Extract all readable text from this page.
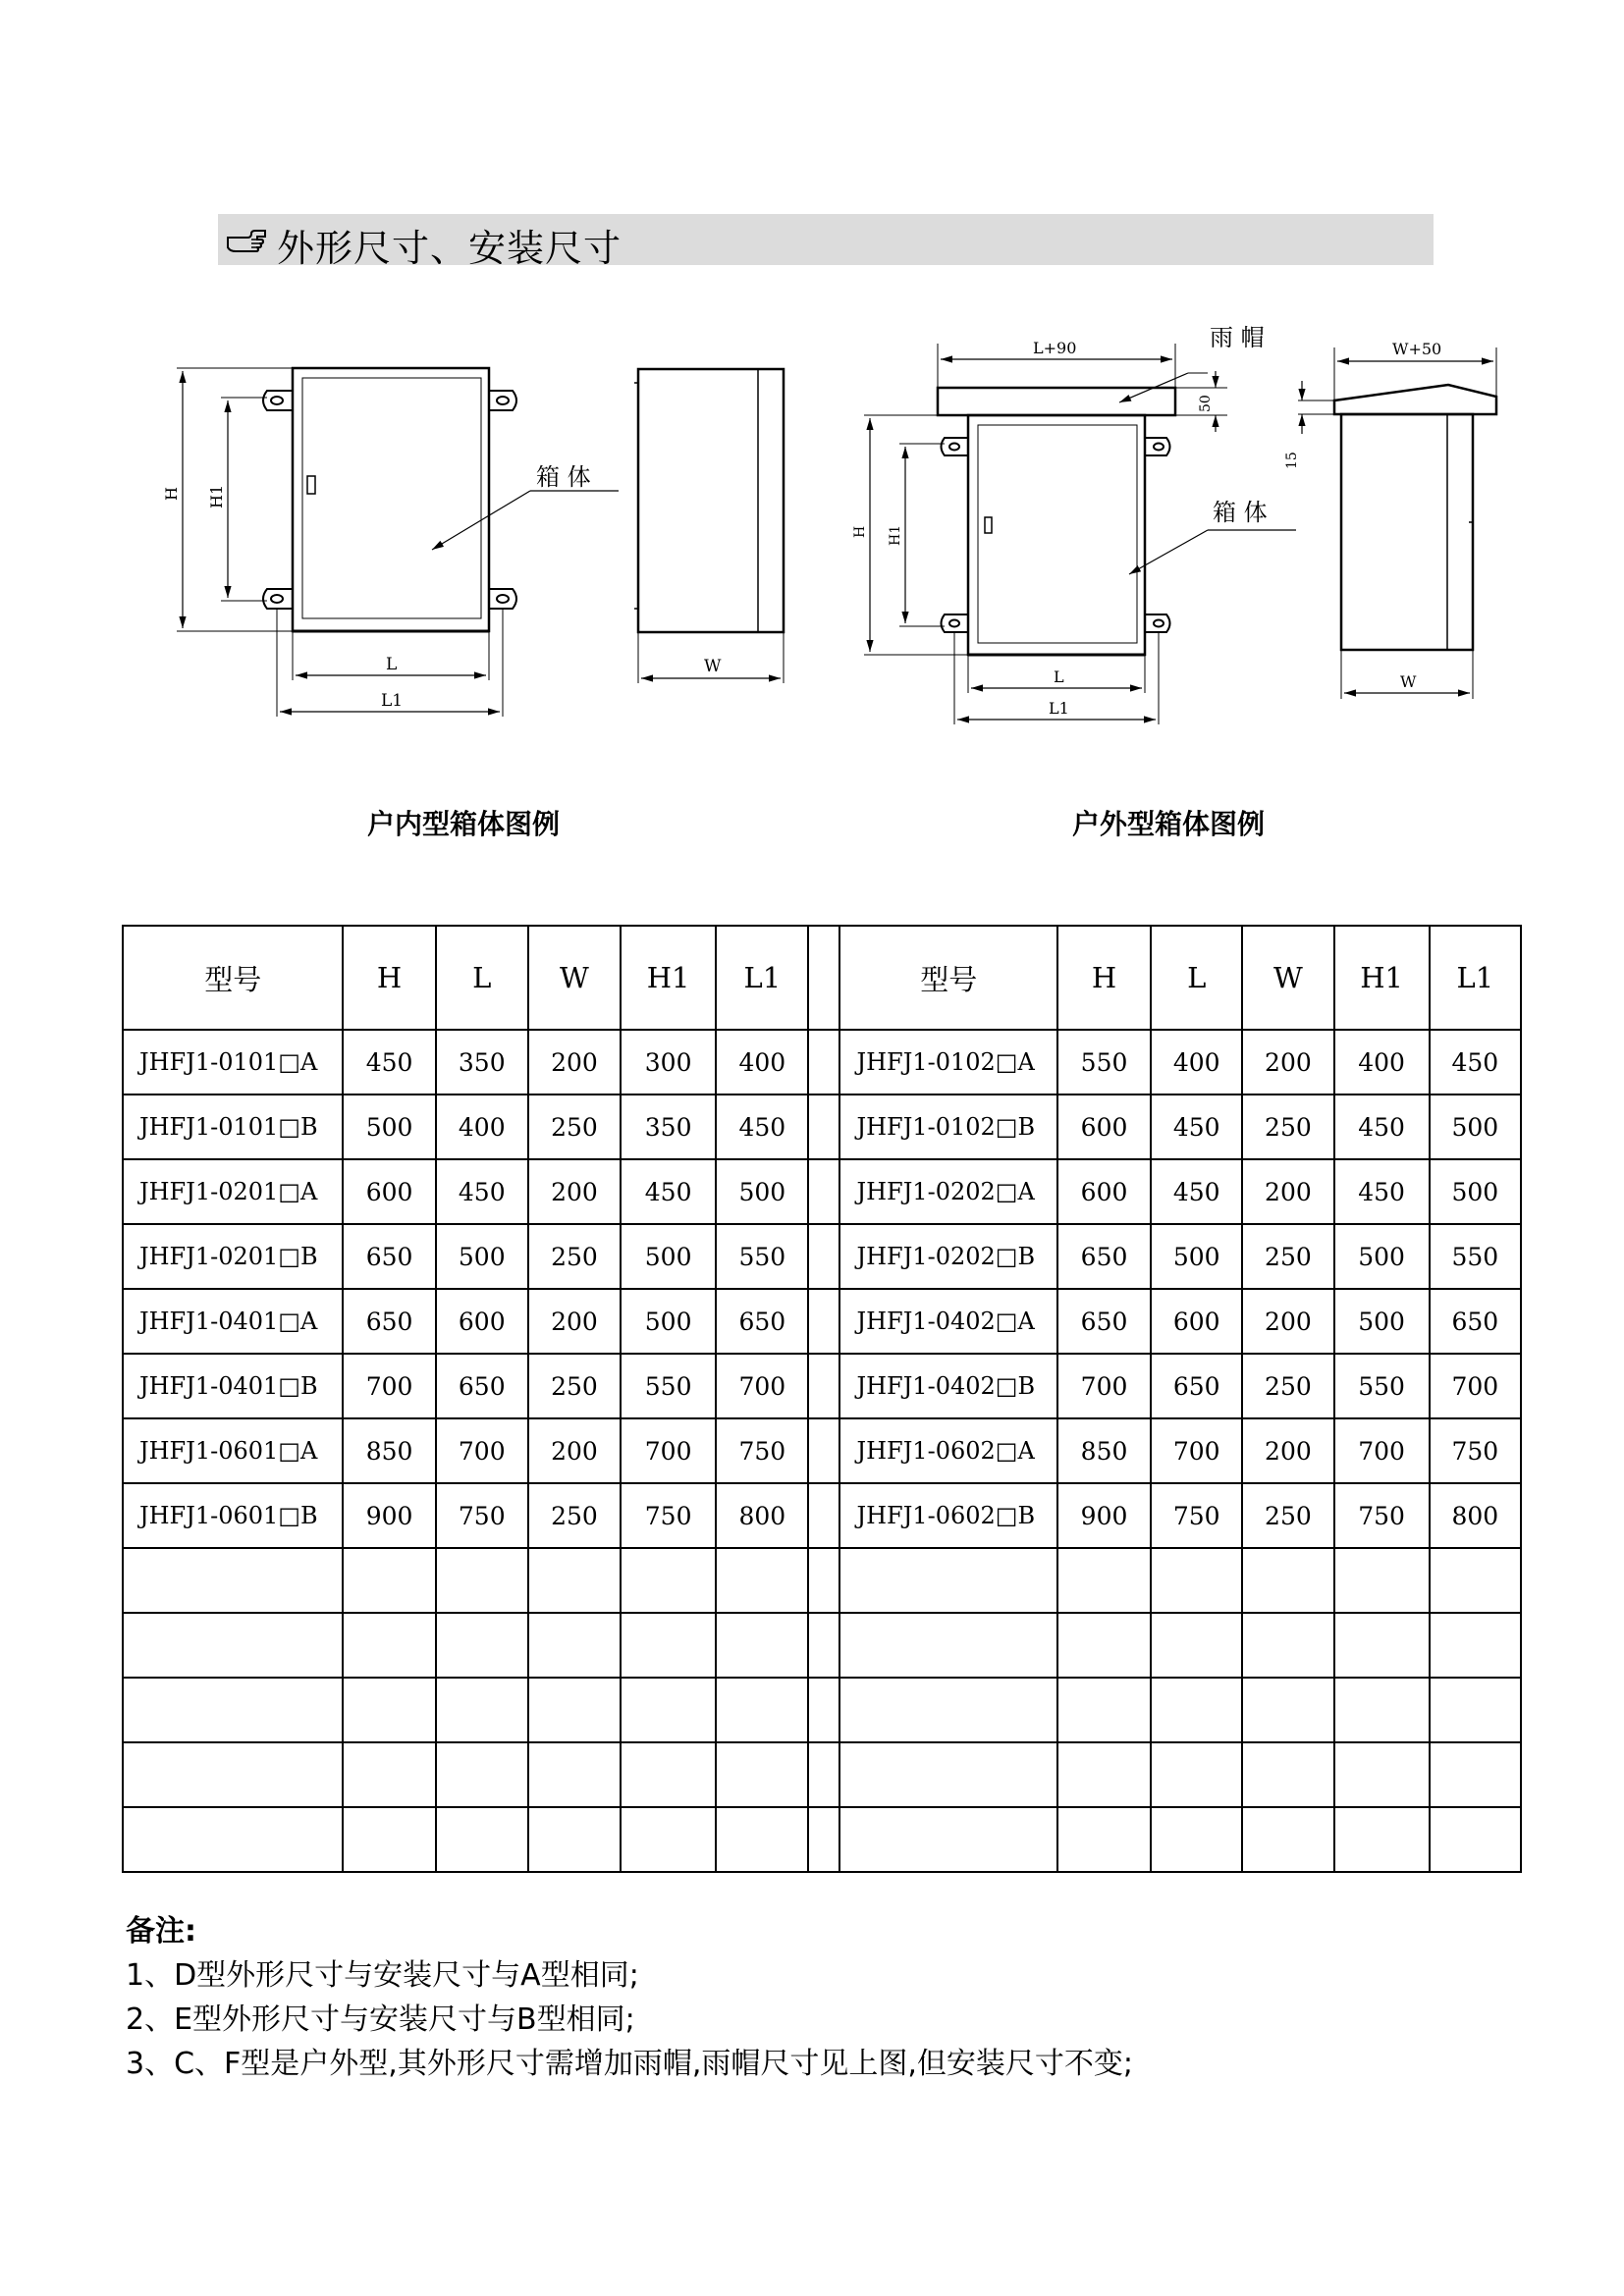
外形尺寸、安装尺寸
H H1
L
L1
箱 体
W
L+90
50
雨 帽
箱 体
H H1
L
L1
W+50
15
W
户内型箱体图例	户外型箱体图例
型号	H	L	W	H1	L1		型号	H	L	W	H1	L1
JHFJ1-0101□A	450	350	200	300	400		JHFJ1-0102□A	550	400	200	400	450
JHFJ1-0101□B	500	400	250	350	450		JHFJ1-0102□B	600	450	250	450	500
JHFJ1-0201□A	600	450	200	450	500		JHFJ1-0202□A	600	450	200	450	500
JHFJ1-0201□B	650	500	250	500	550		JHFJ1-0202□B	650	500	250	500	550
JHFJ1-0401□A	650	600	200	500	650		JHFJ1-0402□A	650	600	200	500	650
JHFJ1-0401□B	700	650	250	550	700		JHFJ1-0402□B	700	650	250	550	700
JHFJ1-0601□A	850	700	200	700	750		JHFJ1-0602□A	850	700	200	700	750
JHFJ1-0601□B	900	750	250	750	800		JHFJ1-0602□B	900	750	250	750	800

备注:
1、D型外形尺寸与安装尺寸与A型相同;
2、E型外形尺寸与安装尺寸与B型相同;
3、C、F型是户外型,其外形尺寸需增加雨帽,雨帽尺寸见上图,但安装尺寸不变;
